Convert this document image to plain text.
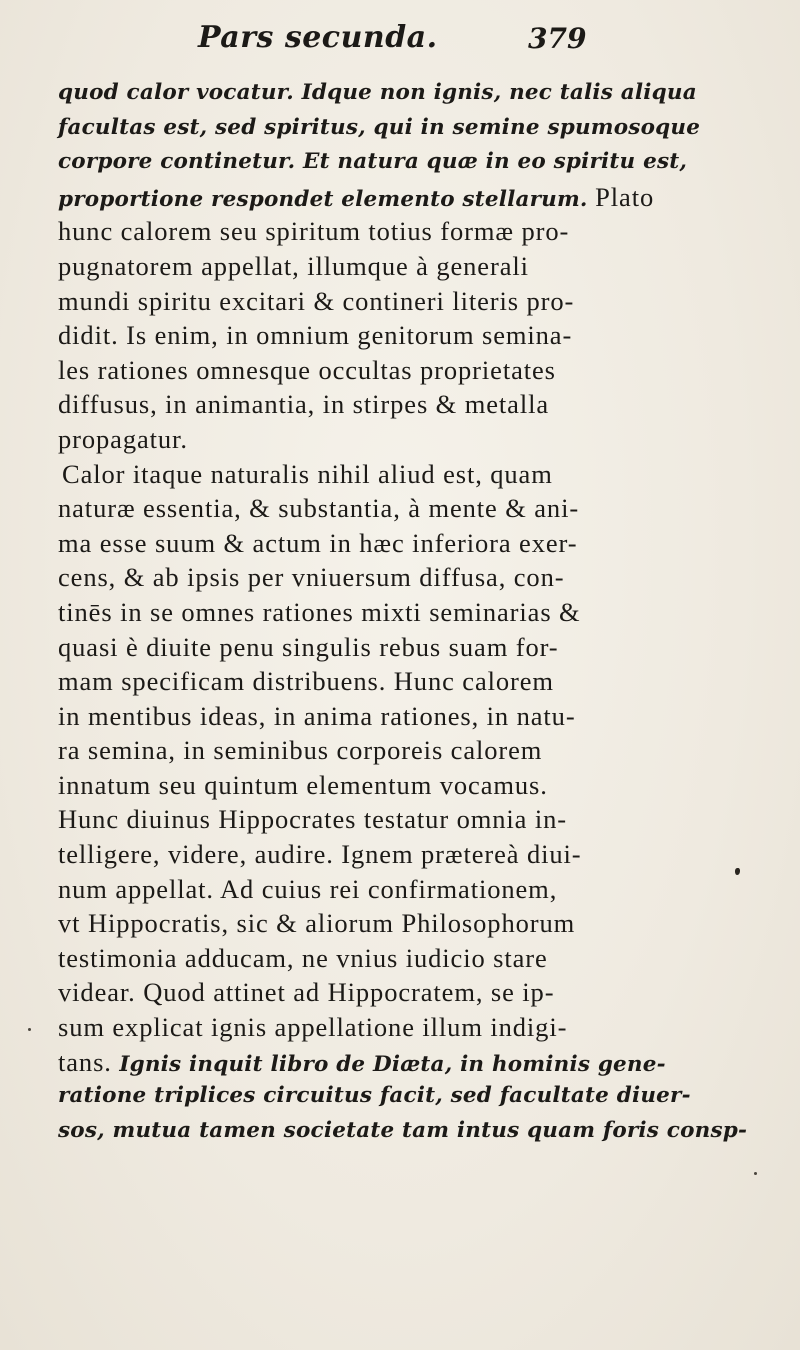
Pars secunda.	379
quod calor vocatur. Idque non ignis, nec talis aliqua
facultas est, sed spiritus, qui in semine spumosoque
corpore continetur. Et natura quæ in eo spiritu est,
proportione respondet elemento stellarum. Plato
hunc calorem seu spiritum totius formæ pro-
pugnatorem appellat, illumque à generali
mundi spiritu excitari & contineri literis pro-
didit. Is enim, in omnium genitorum semina-
les rationes omnesque occultas proprietates
diffusus, in animantia, in stirpes & metalla
propagatur.
Calor itaque naturalis nihil aliud est, quam
naturæ essentia, & substantia, à mente & ani-
ma esse suum & actum in hæc inferiora exer-
cens, & ab ipsis per vniuersum diffusa, con-
tinēs in se omnes rationes mixti seminarias &
quasi è diuite penu singulis rebus suam for-
mam specificam distribuens. Hunc calorem
in mentibus ideas, in anima rationes, in natu-
ra semina, in seminibus corporeis calorem
innatum seu quintum elementum vocamus.
Hunc diuinus Hippocrates testatur omnia in-
telligere, videre, audire. Ignem prætereà diui-
num appellat. Ad cuius rei confirmationem,
vt Hippocratis, sic & aliorum Philosophorum
testimonia adducam, ne vnius iudicio stare
videar. Quod attinet ad Hippocratem, se ip-
sum explicat ignis appellatione illum indigi-
tans. Ignis inquit libro de Diæta, in hominis gene-
ratione triplices circuitus facit, sed facultate diuer-
sos, mutua tamen societate tam intus quam foris consp-
